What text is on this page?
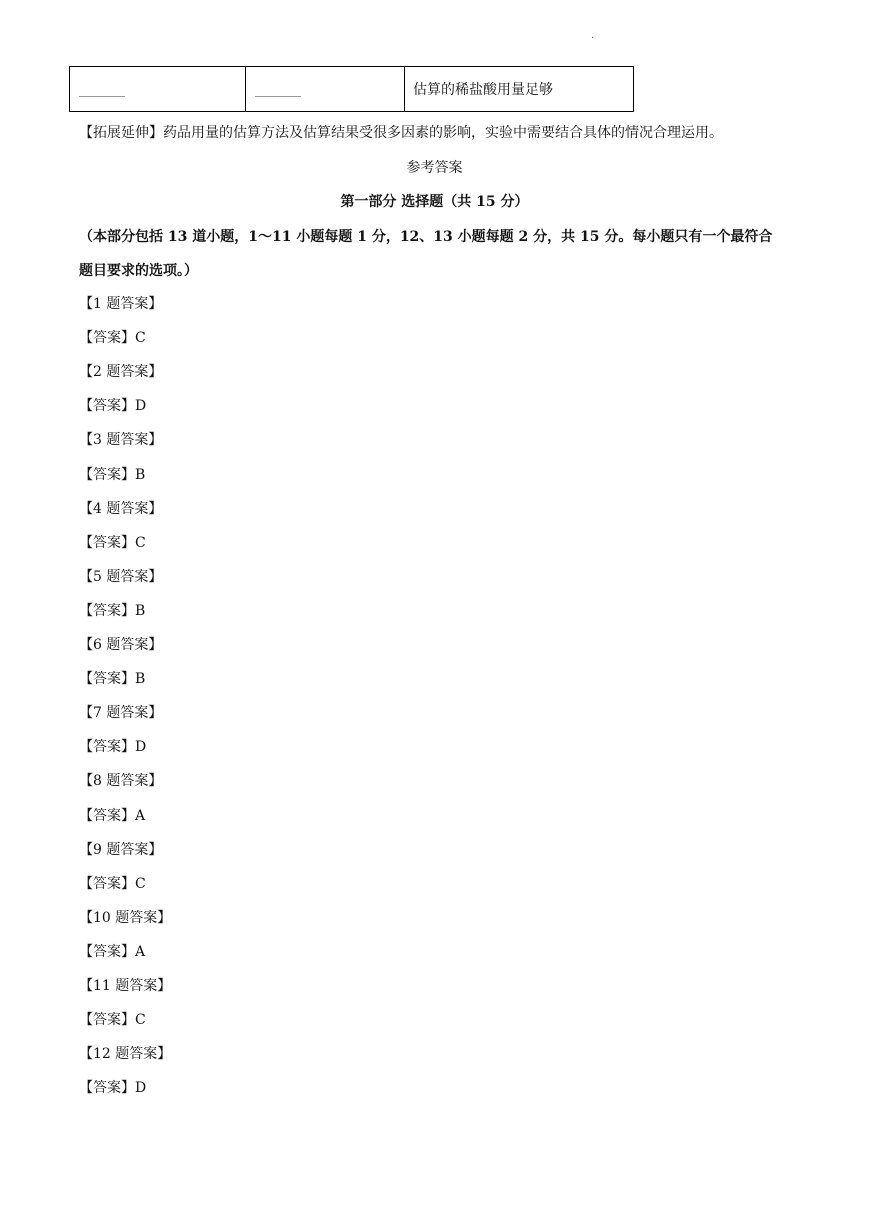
.
		估算的稀盐酸用量足够
【拓展延伸】药品用量的估算方法及估算结果受很多因素的影响，实验中需要结合具体的情况合理运用。
参考答案
第一部分 选择题（共 15 分）
（本部分包括 13 道小题，1～11 小题每题 1 分，12、13 小题每题 2 分，共 15 分。每小题只有一个最符合
题目要求的选项。）
【1 题答案】
【答案】C
【2 题答案】
【答案】D
【3 题答案】
【答案】B
【4 题答案】
【答案】C
【5 题答案】
【答案】B
【6 题答案】
【答案】B
【7 题答案】
【答案】D
【8 题答案】
【答案】A
【9 题答案】
【答案】C
【10 题答案】
【答案】A
【11 题答案】
【答案】C
【12 题答案】
【答案】D
